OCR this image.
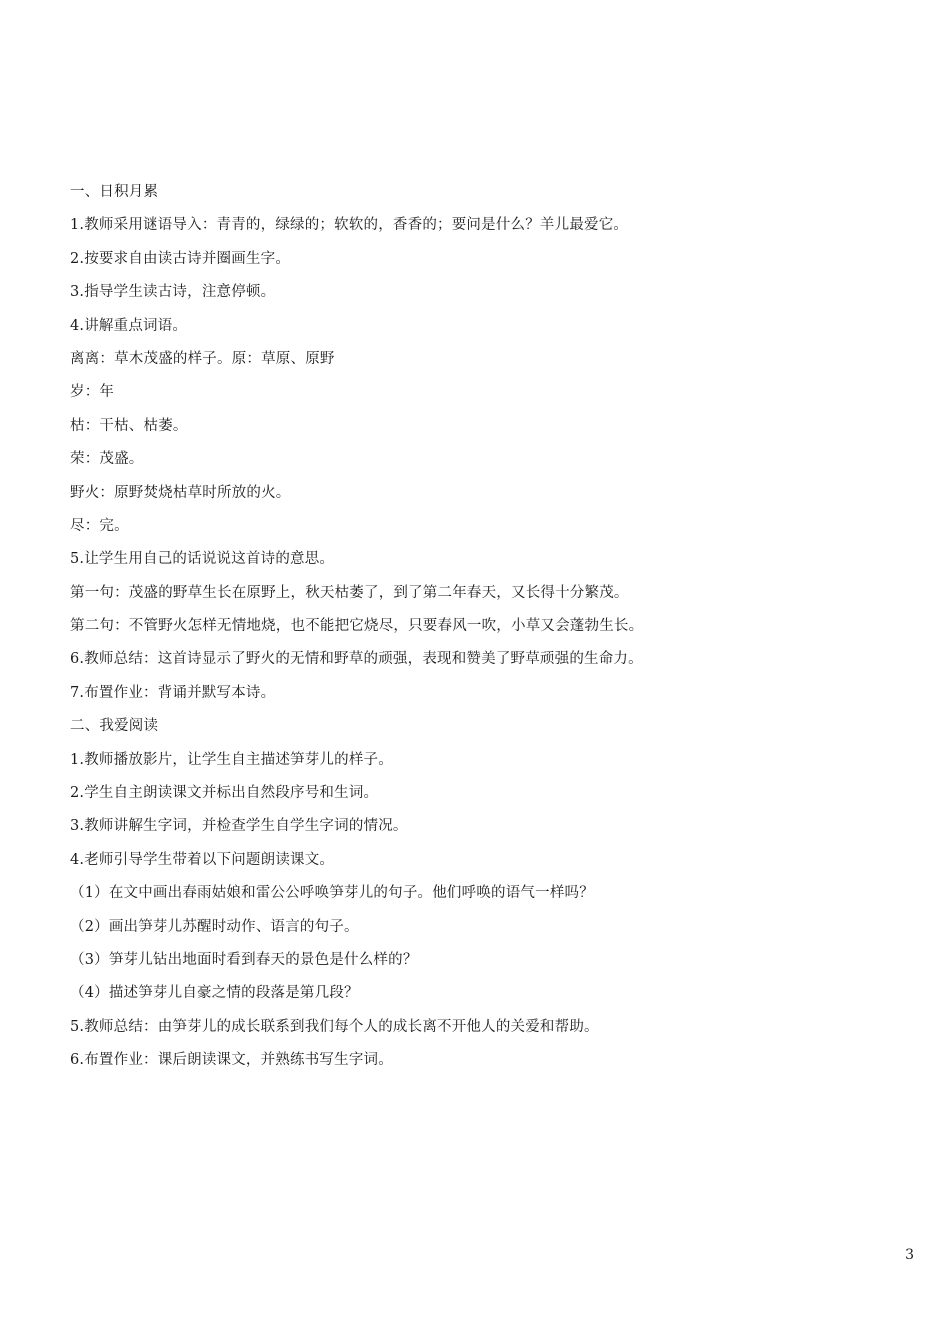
一、日积月累
1.教师采用谜语导入：青青的，绿绿的；软软的，香香的；要问是什么？羊儿最爱它。
2.按要求自由读古诗并圈画生字。
3.指导学生读古诗，注意停顿。
4.讲解重点词语。
离离：草木茂盛的样子。原：草原、原野
岁：年
枯：干枯、枯萎。
荣：茂盛。
野火：原野焚烧枯草时所放的火。
尽：完。
5.让学生用自己的话说说这首诗的意思。
第一句：茂盛的野草生长在原野上，秋天枯萎了，到了第二年春天，又长得十分繁茂。
第二句：不管野火怎样无情地烧，也不能把它烧尽，只要春风一吹，小草又会蓬勃生长。
6.教师总结：这首诗显示了野火的无情和野草的顽强，表现和赞美了野草顽强的生命力。
7.布置作业：背诵并默写本诗。
二、我爱阅读
1.教师播放影片，让学生自主描述笋芽儿的样子。
2.学生自主朗读课文并标出自然段序号和生词。
3.教师讲解生字词，并检查学生自学生字词的情况。
4.老师引导学生带着以下问题朗读课文。
（1）在文中画出春雨姑娘和雷公公呼唤笋芽儿的句子。他们呼唤的语气一样吗？
（2）画出笋芽儿苏醒时动作、语言的句子。
（3）笋芽儿钻出地面时看到春天的景色是什么样的？
（4）描述笋芽儿自豪之情的段落是第几段？
5.教师总结：由笋芽儿的成长联系到我们每个人的成长离不开他人的关爱和帮助。
6.布置作业：课后朗读课文，并熟练书写生字词。
3
